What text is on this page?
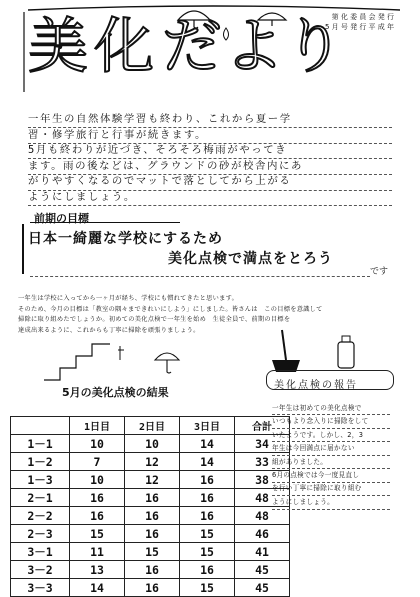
美 化 だ よ り
第 化 委 員 会 発 行
5 月 号 発 行 平 成 年
一年生の自然体験学習も終わり、これから夏ー学
習・修学旅行と行事が続きます。
5月も終わりが近づき、そろそろ梅雨がやってき
ます。雨の後などは、グラウンドの砂が校舎内にあ
がりやすくなるのでマットで落としてから上がる
ようにしましょう。
前期の目標
日本一綺麗な学校にするため
美化点検で満点をとろう
です
一年生は学校に入ってから一ヶ月が経ち、学校にも慣れてきたと思います。
そのため、今月の目標は「教室の隅々まできれいにしよう」にしました。皆さんは　この目標を意識して
掃除に取り組めたでしょうか。初めての美化点検で一年生を始め　生徒全員で、前期の目標を
達成出来るように、これからも丁寧に掃除を頑張りましょう。
5月の美化点検の結果
	1日目	2日目	3日目	合計
1－1	10	10	14	34
1－2	7	12	14	33
1－3	10	12	16	38
2－1	16	16	16	48
2－2	16	16	16	48
2－3	15	16	15	46
3－1	11	15	15	41
3－2	13	16	16	45
3－3	14	16	15	45
美化点検の報告
一年生は初めての美化点検で
いつもより念入りに掃除をして
いたようです。しかし、2，3
年生は今回満点に届かない
組がありました。
6月の点検では今一度見直し
を行い丁寧に掃除に取り組む
ようにしましょう。
